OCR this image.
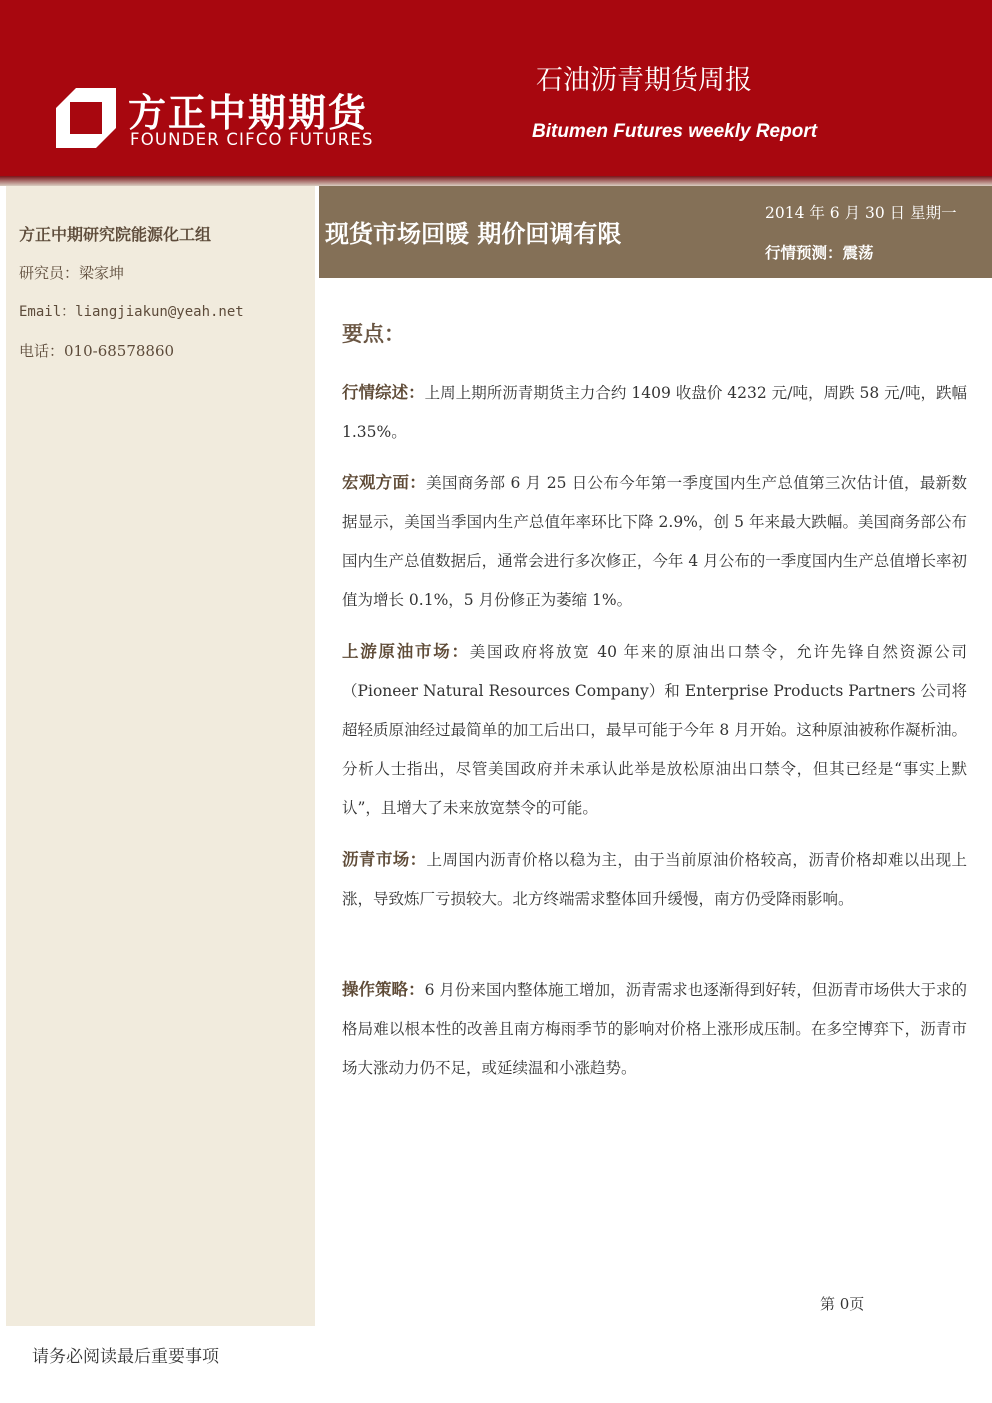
方正中期期货
FOUNDER CIFCO FUTURES
石油沥青期货周报
Bitumen Futures weekly Report
方正中期研究院能源化工组
研究员：梁家坤
Email：liangjiakun@yeah.net
电话：010-68578860
现货市场回暖 期价回调有限
2014 年 6 月 30 日 星期一
行情预测：震荡
要点：
行情综述：上周上期所沥青期货主力合约 1409 收盘价 4232 元/吨，周跌 58 元/吨，跌幅 1.35%。
宏观方面：美国商务部 6 月 25 日公布今年第一季度国内生产总值第三次估计值，最新数据显示，美国当季国内生产总值年率环比下降 2.9%，创 5 年来最大跌幅。美国商务部公布国内生产总值数据后，通常会进行多次修正，今年 4 月公布的一季度国内生产总值增长率初值为增长 0.1%，5 月份修正为萎缩 1%。
上游原油市场：美国政府将放宽 40 年来的原油出口禁令，允许先锋自然资源公司（Pioneer Natural Resources Company）和 Enterprise Products Partners 公司将超轻质原油经过最简单的加工后出口，最早可能于今年 8 月开始。这种原油被称作凝析油。分析人士指出，尽管美国政府并未承认此举是放松原油出口禁令，但其已经是“事实上默认”，且增大了未来放宽禁令的可能。
沥青市场：上周国内沥青价格以稳为主，由于当前原油价格较高，沥青价格却难以出现上涨，导致炼厂亏损较大。北方终端需求整体回升缓慢，南方仍受降雨影响。
操作策略：6 月份来国内整体施工增加，沥青需求也逐渐得到好转，但沥青市场供大于求的格局难以根本性的改善且南方梅雨季节的影响对价格上涨形成压制。在多空博弈下，沥青市场大涨动力仍不足，或延续温和小涨趋势。
第 0页
请务必阅读最后重要事项
